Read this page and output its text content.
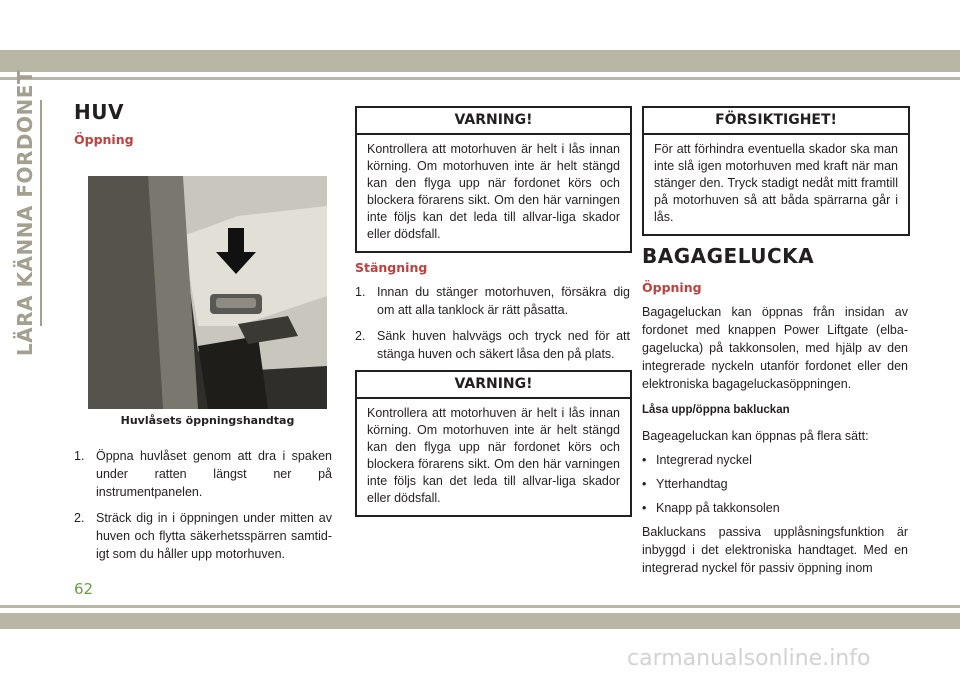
LÄRA KÄNNA FORDONET HUV
Öppning
Huvlåsets öppningshandtag
1. Öppna huvlåset genom att dra i spaken under ratten längst ner på instrumentpanelen.
2. Sträck dig in i öppningen under mitten av huven och flytta säkerhetsspärren samtid-igt som du håller upp motorhuven.
VARNING!
Kontrollera att motorhuven är helt i lås innan körning. Om motorhuven inte är helt stängd kan den flyga upp när fordonet körs och blockera förarens sikt. Om den här varningen inte följs kan det leda till allvar-liga skador eller dödsfall.
Stängning
1. Innan du stänger motorhuven, försäkra dig om att alla tanklock är rätt påsatta.
2. Sänk huven halvvägs och tryck ned för att stänga huven och säkert låsa den på plats.
VARNING!
Kontrollera att motorhuven är helt i lås innan körning. Om motorhuven inte är helt stängd kan den flyga upp när fordonet körs och blockera förarens sikt. Om den här varningen inte följs kan det leda till allvar-liga skador eller dödsfall.
FÖRSIKTIGHET!
För att förhindra eventuella skador ska man inte slå igen motorhuven med kraft när man stänger den. Tryck stadigt nedåt mitt framtill på motorhuven så att båda spärrarna går i lås.
BAGAGELUCKA
Öppning

Bagageluckan kan öppnas från insidan av fordonet med knappen Power Liftgate (elba-gagelucka) på takkonsolen, med hjälp av den integrerade nyckeln utanför fordonet eller den elektroniska bagageluckasöppningen.

Låsa upp/öppna bakluckan

Bageageluckan kan öppnas på flera sätt:

• Integrerad nyckel
• Ytterhandtag
• Knapp på takkonsolen

Bakluckans passiva upplåsningsfunktion är inbyggd i det elektroniska handtaget. Med en integrerad nyckel för passiv öppning inom

62
carmanualsonline.info
